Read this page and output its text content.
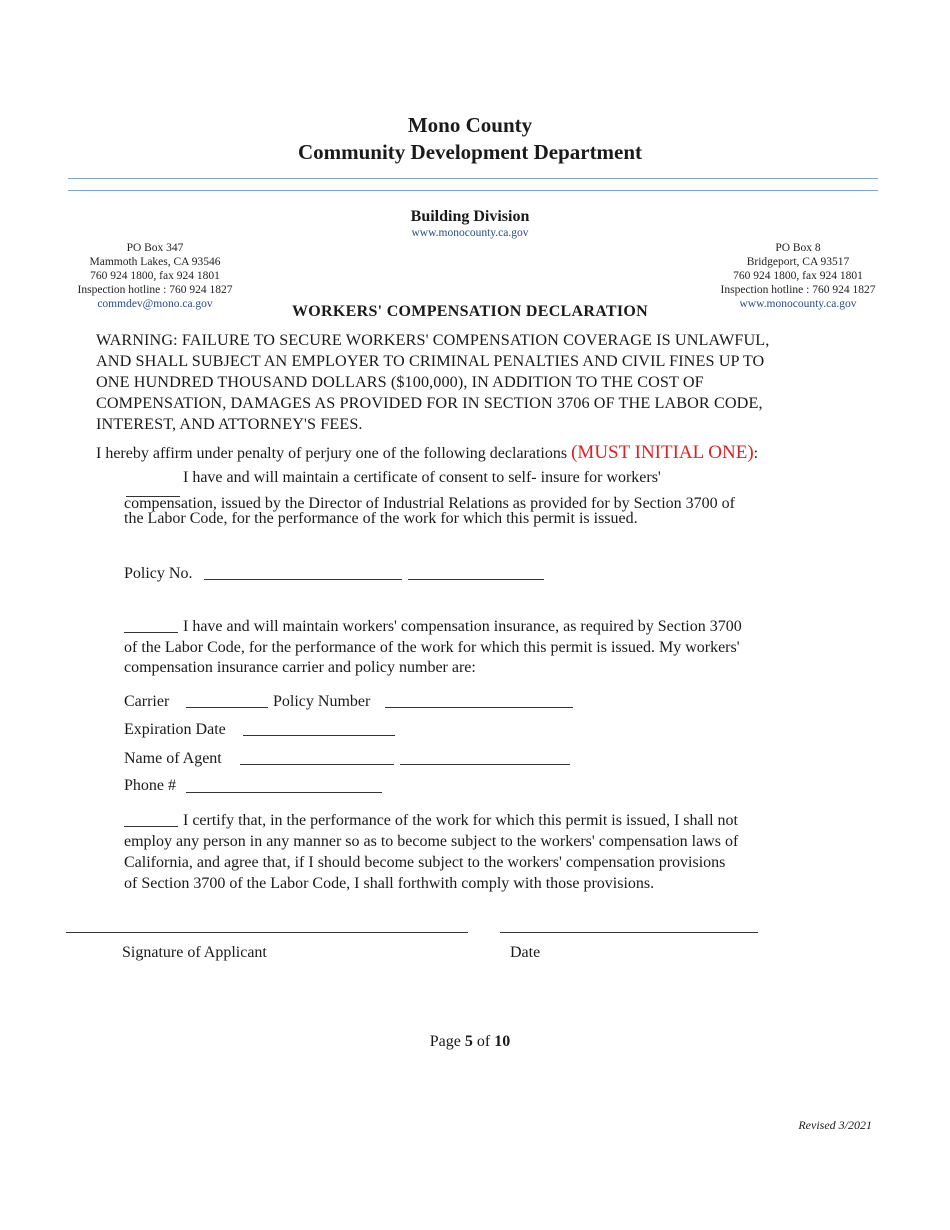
Mono County
Community Development Department
Building Division
www.monocounty.ca.gov
PO Box 347
Mammoth Lakes, CA 93546
760 924 1800, fax 924 1801
Inspection hotline : 760 924 1827
commdev@mono.ca.gov
PO Box 8
Bridgeport, CA 93517
760 924 1800, fax 924 1801
Inspection hotline : 760 924 1827
www.monocounty.ca.gov
WORKERS' COMPENSATION DECLARATION
WARNING: FAILURE TO SECURE WORKERS' COMPENSATION COVERAGE IS UNLAWFUL,
AND SHALL SUBJECT AN EMPLOYER TO CRIMINAL PENALTIES AND CIVIL FINES UP TO
ONE HUNDRED THOUSAND DOLLARS ($100,000), IN ADDITION TO THE COST OF
COMPENSATION, DAMAGES AS PROVIDED FOR IN SECTION 3706 OF THE LABOR CODE,
INTEREST, AND ATTORNEY'S FEES.
I hereby affirm under penalty of perjury one of the following declarations (MUST INITIAL ONE):
I have and will maintain a certificate of consent to self- insure for workers'
compensation, issued by the Director of Industrial Relations as provided for by Section 3700 of
the Labor Code, for the performance of the work for which this permit is issued.
Policy No.
I have and will maintain workers' compensation insurance, as required by Section 3700
of the Labor Code, for the performance of the work for which this permit is issued. My workers'
compensation insurance carrier and policy number are:
Carrier	Policy Number
Expiration Date
Name of Agent
Phone #
I certify that, in the performance of the work for which this permit is issued, I shall not
employ any person in any manner so as to become subject to the workers' compensation laws of
California, and agree that, if I should become subject to the workers' compensation provisions
of Section 3700 of the Labor Code, I shall forthwith comply with those provisions.
Signature of Applicant	Date
Page 5 of 10
Revised 3/2021
